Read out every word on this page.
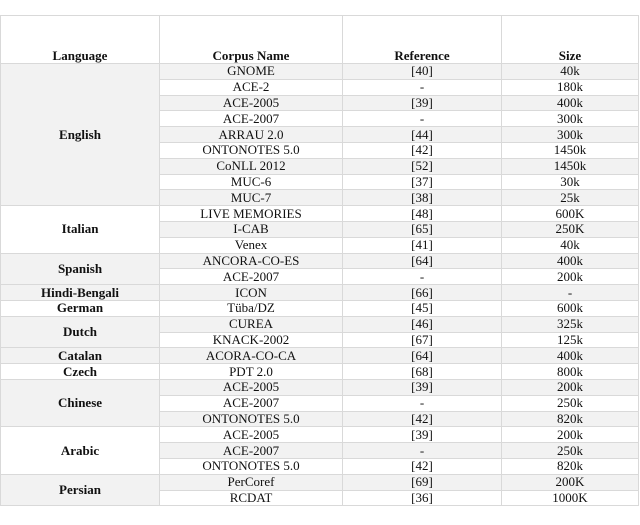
Language	Corpus Name	Reference	Size
English	GNOME	[40]	40k
	ACE-2	-	180k
	ACE-2005	[39]	400k
	ACE-2007	-	300k
	ARRAU 2.0	[44]	300k
	ONTONOTES 5.0	[42]	1450k
	CoNLL 2012	[52]	1450k
	MUC-6	[37]	30k
	MUC-7	[38]	25k
Italian	LIVE MEMORIES	[48]	600K
	I-CAB	[65]	250K
	Venex	[41]	40k
Spanish	ANCORA-CO-ES	[64]	400k
	ACE-2007	-	200k
Hindi-Bengali	ICON	[66]	-
German	Tüba/DZ	[45]	600k
Dutch	CUREA	[46]	325k
	KNACK-2002	[67]	125k
Catalan	ACORA-CO-CA	[64]	400k
Czech	PDT 2.0	[68]	800k
Chinese	ACE-2005	[39]	200k
	ACE-2007	-	250k
	ONTONOTES 5.0	[42]	820k
Arabic	ACE-2005	[39]	200k
	ACE-2007	-	250k
	ONTONOTES 5.0	[42]	820k
Persian	PerCoref	[69]	200K
	RCDAT	[36]	1000K
